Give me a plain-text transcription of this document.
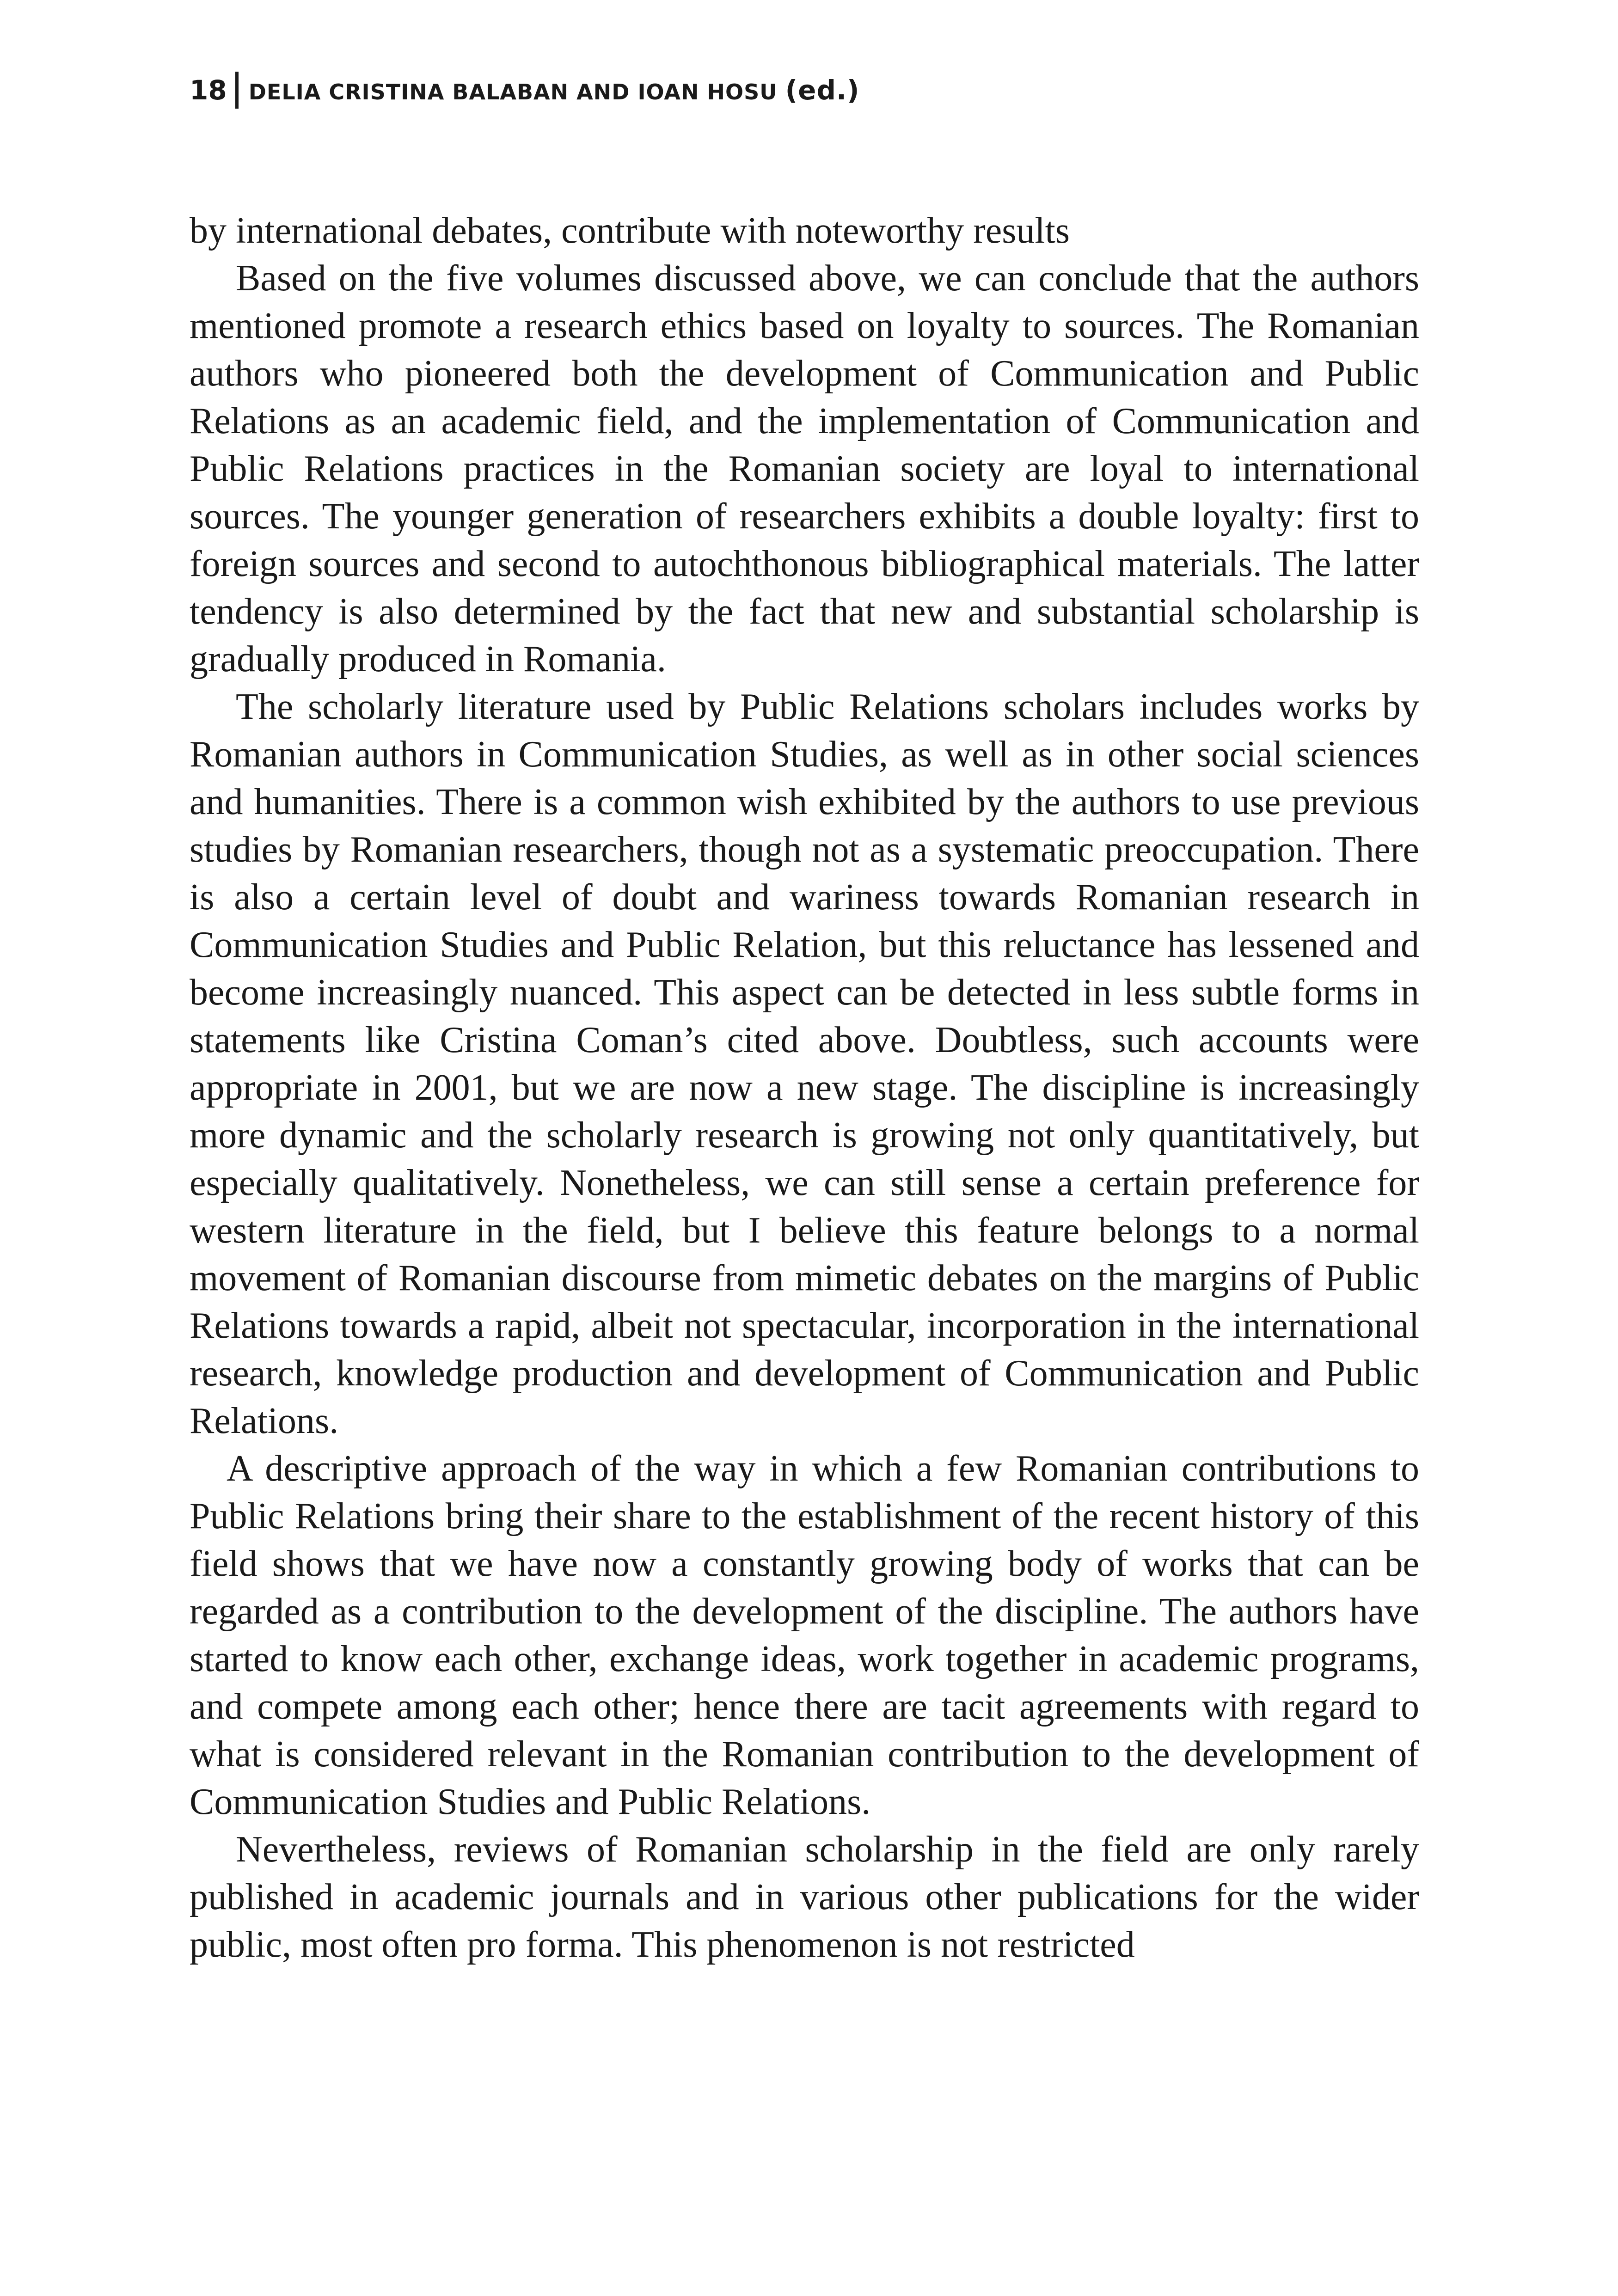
18 DELIA CRISTINA BALABAN AND IOAN HOSU (ed.)

by international debates, contribute with noteworthy results

Based on the five volumes discussed above, we can conclude that the authors mentioned promote a research ethics based on loyalty to sources. The Romanian authors who pioneered both the development of Communication and Public Relations as an academic field, and the implementation of Communication and Public Relations practices in the Romanian society are loyal to international sources. The younger generation of researchers exhibits a double loyalty: first to foreign sources and second to autochthonous bibliographical materials. The latter tendency is also determined by the fact that new and substantial scholarship is gradually produced in Romania.

The scholarly literature used by Public Relations scholars includes works by Romanian authors in Communication Studies, as well as in other social sciences and humanities. There is a common wish exhibited by the authors to use previous studies by Romanian researchers, though not as a systematic preoccupation. There is also a certain level of doubt and wariness towards Romanian research in Communication Studies and Public Relation, but this reluctance has lessened and become increasingly nuanced. This aspect can be detected in less subtle forms in statements like Cristina Coman’s cited above. Doubtless, such accounts were appropriate in 2001, but we are now a new stage. The discipline is increasingly more dynamic and the scholarly research is growing not only quantitatively, but especially qualitatively. Nonetheless, we can still sense a certain preference for western literature in the field, but I believe this feature belongs to a normal movement of Romanian discourse from mimetic debates on the margins of Public Relations towards a rapid, albeit not spectacular, incorporation in the international research, knowledge production and development of Communication and Public Relations.

A descriptive approach of the way in which a few Romanian contributions to Public Relations bring their share to the establishment of the recent history of this field shows that we have now a constantly growing body of works that can be regarded as a contribution to the development of the discipline. The authors have started to know each other, exchange ideas, work together in academic programs, and compete among each other; hence there are tacit agreements with regard to what is considered relevant in the Romanian contribution to the development of Communication Studies and Public Relations.

Nevertheless, reviews of Romanian scholarship in the field are only rarely published in academic journals and in various other publications for the wider public, most often pro forma. This phenomenon is not restricted
